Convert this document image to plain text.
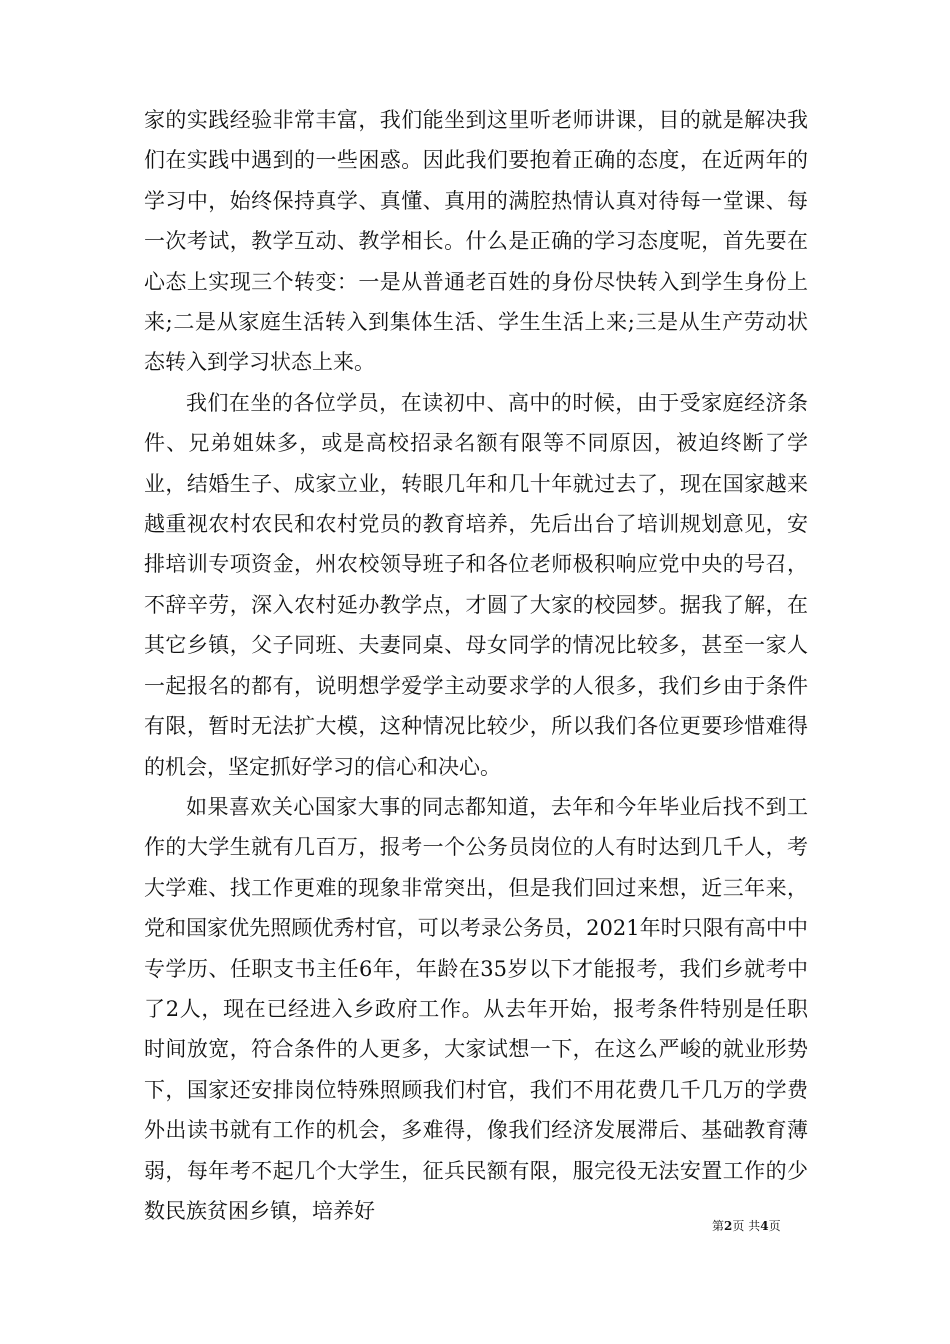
家的实践经验非常丰富，我们能坐到这里听老师讲课，目的就是解决我们在实践中遇到的一些困惑。因此我们要抱着正确的态度，在近两年的学习中，始终保持真学、真懂、真用的满腔热情认真对待每一堂课、每一次考试，教学互动、教学相长。什么是正确的学习态度呢，首先要在心态上实现三个转变：一是从普通老百姓的身份尽快转入到学生身份上来;二是从家庭生活转入到集体生活、学生生活上来;三是从生产劳动状态转入到学习状态上来。

我们在坐的各位学员，在读初中、高中的时候，由于受家庭经济条件、兄弟姐妹多，或是高校招录名额有限等不同原因，被迫终断了学业，结婚生子、成家立业，转眼几年和几十年就过去了，现在国家越来越重视农村农民和农村党员的教育培养，先后出台了培训规划意见，安排培训专项资金，州农校领导班子和各位老师极积响应党中央的号召，不辞辛劳，深入农村延办教学点，才圆了大家的校园梦。据我了解，在其它乡镇，父子同班、夫妻同桌、母女同学的情况比较多，甚至一家人一起报名的都有，说明想学爱学主动要求学的人很多，我们乡由于条件有限，暂时无法扩大模，这种情况比较少，所以我们各位更要珍惜难得的机会，坚定抓好学习的信心和决心。

如果喜欢关心国家大事的同志都知道，去年和今年毕业后找不到工作的大学生就有几百万，报考一个公务员岗位的人有时达到几千人，考大学难、找工作更难的现象非常突出，但是我们回过来想，近三年来，党和国家优先照顾优秀村官，可以考录公务员，2021年时只限有高中中专学历、任职支书主任6年，年龄在35岁以下才能报考，我们乡就考中了2人，现在已经进入乡政府工作。从去年开始，报考条件特别是任职时间放宽，符合条件的人更多，大家试想一下，在这么严峻的就业形势下，国家还安排岗位特殊照顾我们村官，我们不用花费几千几万的学费外出读书就有工作的机会，多难得，像我们经济发展滞后、基础教育薄弱，每年考不起几个大学生，征兵民额有限，服完役无法安置工作的少数民族贫困乡镇，培养好

第2页 共4页
